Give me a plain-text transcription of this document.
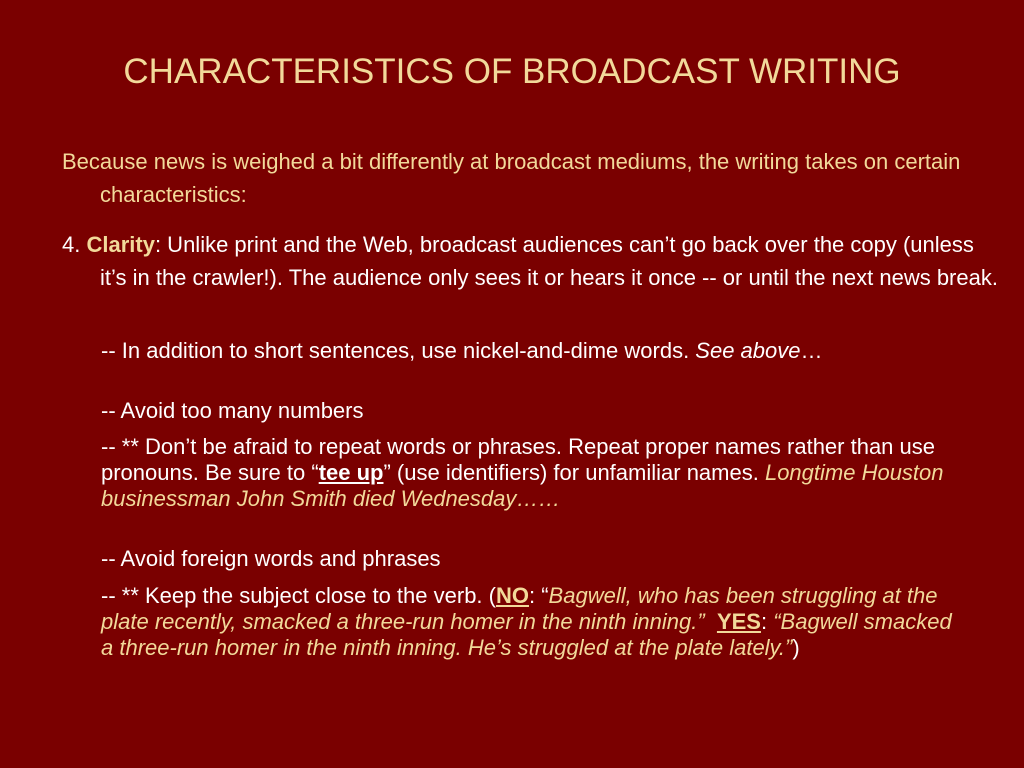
CHARACTERISTICS OF BROADCAST WRITING
Because news is weighed a bit differently at broadcast mediums, the writing takes on certain characteristics:
4. Clarity: Unlike print and the Web, broadcast audiences can’t go back over the copy (unless it’s in the crawler!). The audience only sees it or hears it once -- or until the next news break.
-- In addition to short sentences, use nickel-and-dime words. See above…
-- Avoid too many numbers
-- ** Don’t be afraid to repeat words or phrases. Repeat proper names rather than use pronouns. Be sure to “tee up” (use identifiers) for unfamiliar names. Longtime Houston businessman John Smith died Wednesday……
-- Avoid foreign words and phrases
-- ** Keep the subject close to the verb. (NO: “Bagwell, who has been struggling at the plate recently, smacked a three-run homer in the ninth inning.” YES: “Bagwell smacked a three-run homer in the ninth inning. He’s struggled at the plate lately.”)
